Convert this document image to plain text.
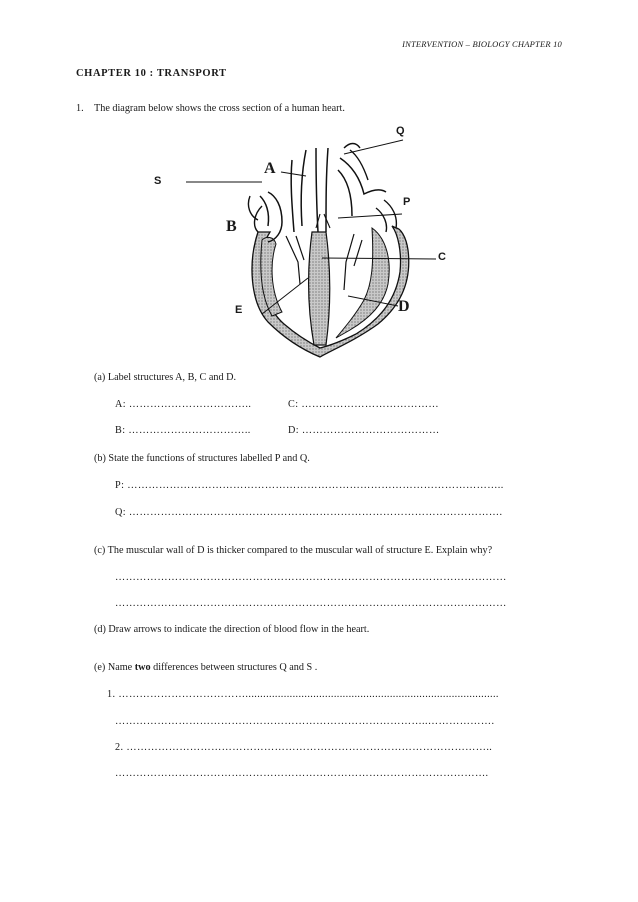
INTERVENTION – BIOLOGY CHAPTER 10
CHAPTER 10 : TRANSPORT
1. The diagram below shows the cross section of a human heart.
A
B
D
Q
S
P
C
E
(a) Label structures A, B, C and D.
A: ……………………………..	C: …………………………………
B: ……………………………..	D: …………………………………
(b) State the functions of structures labelled P and Q.
P: ……………………………………………………………………………………………..
Q: …………………………………………………………………………………………….
(c) The muscular wall of D is thicker compared to the muscular wall of structure E. Explain why?
…………………………………………………………………………………………………
…………………………………………………………………………………………………
(d) Draw arrows to indicate the direction of blood flow in the heart.
(e) Name two differences between structures Q and S .
1. ………………………………......................................................................................
……………………………………………………………………………..……………….
2. …………………………………………………………………………………………..
…………………………………………………………………………………………….
